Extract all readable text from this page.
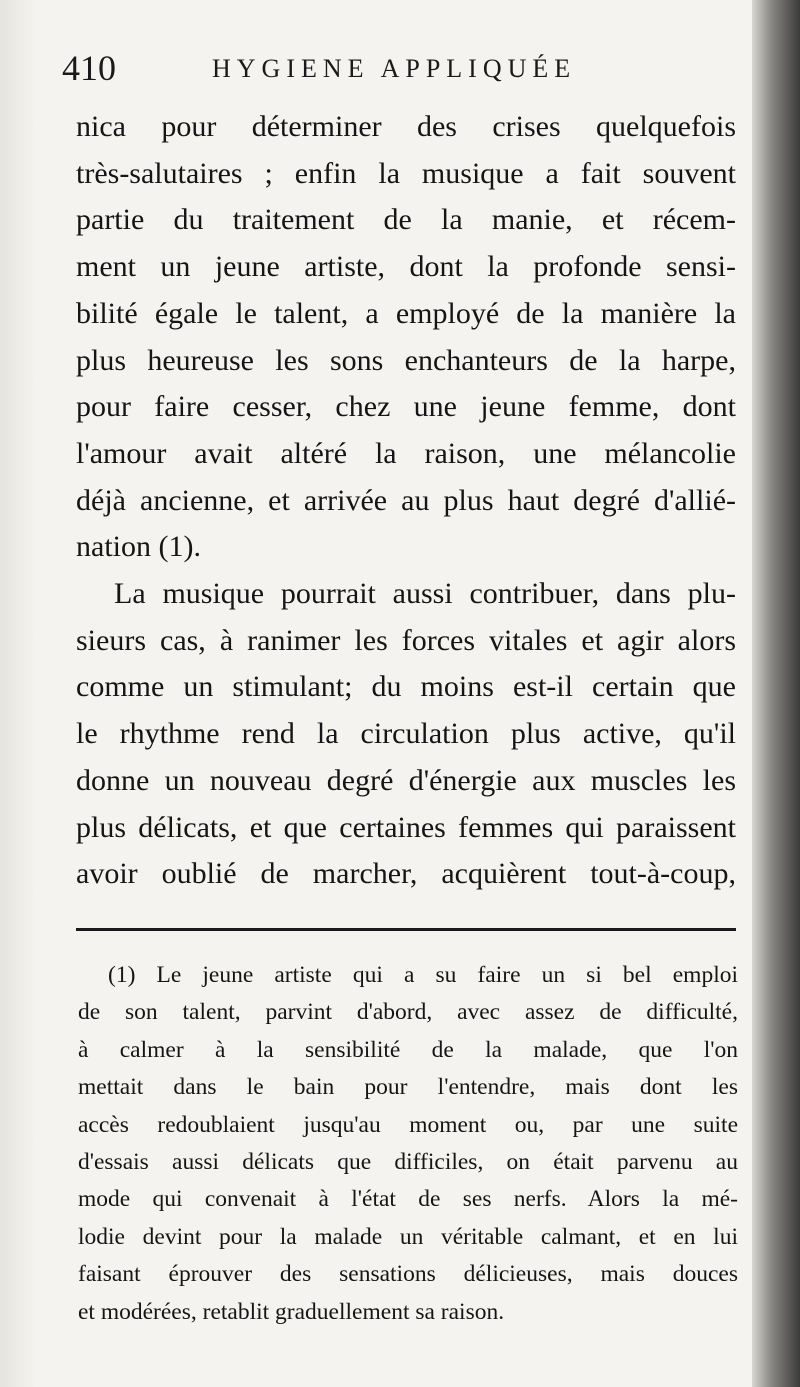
410	HYGIENE APPLIQUÉE
nica pour déterminer des crises quelquefois
très-salutaires ; enfin la musique a fait souvent
partie du traitement de la manie, et récem-
ment un jeune artiste, dont la profonde sensi-
bilité égale le talent, a employé de la manière la
plus heureuse les sons enchanteurs de la harpe,
pour faire cesser, chez une jeune femme, dont
l'amour avait altéré la raison, une mélancolie
déjà ancienne, et arrivée au plus haut degré d'allié-
nation (1).
La musique pourrait aussi contribuer, dans plu-
sieurs cas, à ranimer les forces vitales et agir alors
comme un stimulant; du moins est-il certain que
le rhythme rend la circulation plus active, qu'il
donne un nouveau degré d'énergie aux muscles les
plus délicats, et que certaines femmes qui paraissent
avoir oublié de marcher, acquièrent tout-à-coup,
(1) Le jeune artiste qui a su faire un si bel emploi
de son talent, parvint d'abord, avec assez de difficulté,
à calmer à la sensibilité de la malade, que l'on
mettait dans le bain pour l'entendre, mais dont les
accès redoublaient jusqu'au moment ou, par une suite
d'essais aussi délicats que difficiles, on était parvenu au
mode qui convenait à l'état de ses nerfs. Alors la mé-
lodie devint pour la malade un véritable calmant, et en lui
faisant éprouver des sensations délicieuses, mais douces
et modérées, retablit graduellement sa raison.
